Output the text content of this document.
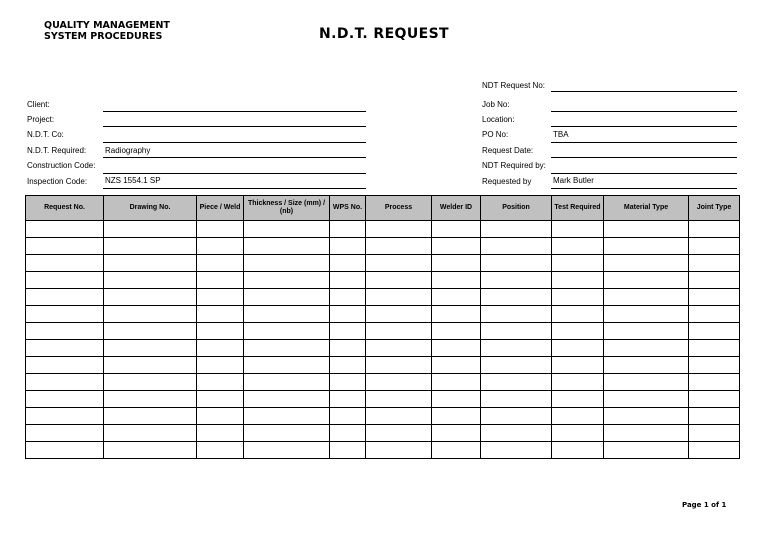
QUALITY MANAGEMENT
SYSTEM PROCEDURES	N.D.T. REQUEST
Client:
Project:
N.D.T. Co:
N.D.T. Required: Radiography
Construction Code:
Inspection Code: NZS 1554.1 SP
NDT Request No:
Job No:
Location:
PO No:	TBA
Request Date:
NDT Required by:
Requested by	Mark Butler
Request No.	Drawing No.	Piece / Weld	Thickness / Size (mm) / (nb)	WPS No.	Process	Welder ID	Position	Test Required	Material Type	Joint Type

Page 1 of 1
